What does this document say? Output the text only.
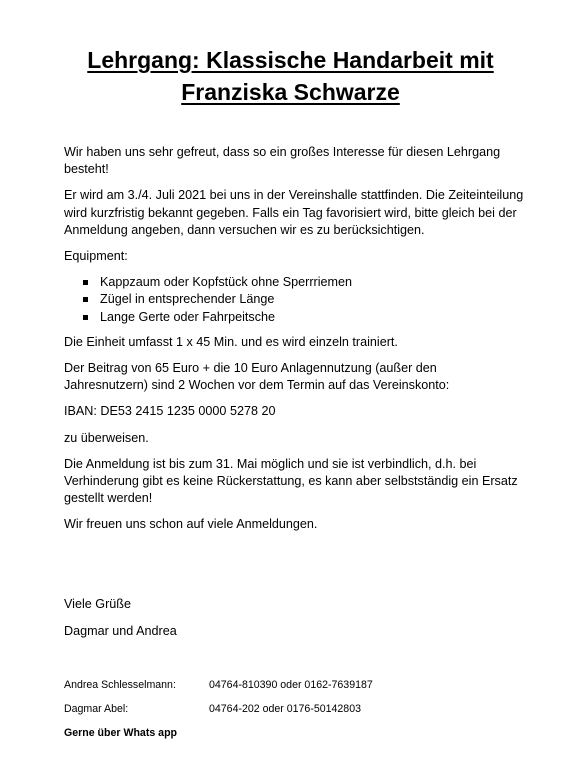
Lehrgang: Klassische Handarbeit mit Franziska Schwarze

Wir haben uns sehr gefreut, dass so ein großes Interesse für diesen Lehrgang besteht!

Er wird am 3./4. Juli 2021 bei uns in der Vereinshalle stattfinden. Die Zeiteinteilung wird kurzfristig bekannt gegeben. Falls ein Tag favorisiert wird, bitte gleich bei der Anmeldung angeben, dann versuchen wir es zu berücksichtigen.

Equipment:

Kappzaum oder Kopfstück ohne Sperrriemen
Zügel in entsprechender Länge
Lange Gerte oder Fahrpeitsche

Die Einheit umfasst 1 x 45 Min. und es wird einzeln trainiert.

Der Beitrag von 65 Euro + die 10 Euro Anlagennutzung (außer den Jahresnutzern) sind 2 Wochen vor dem Termin auf das Vereinskonto:

IBAN: DE53 2415 1235 0000 5278 20

zu überweisen.

Die Anmeldung ist bis zum 31. Mai möglich und sie ist verbindlich, d.h. bei Verhinderung gibt es keine Rückerstattung, es kann aber selbstständig ein Ersatz gestellt werden!

Wir freuen uns schon auf viele Anmeldungen.

Viele Grüße

Dagmar und Andrea

Andrea Schlesselmann:	04764-810390 oder 0162-7639187
Dagmar Abel:	04764-202 oder 0176-50142803
Gerne über Whats app
